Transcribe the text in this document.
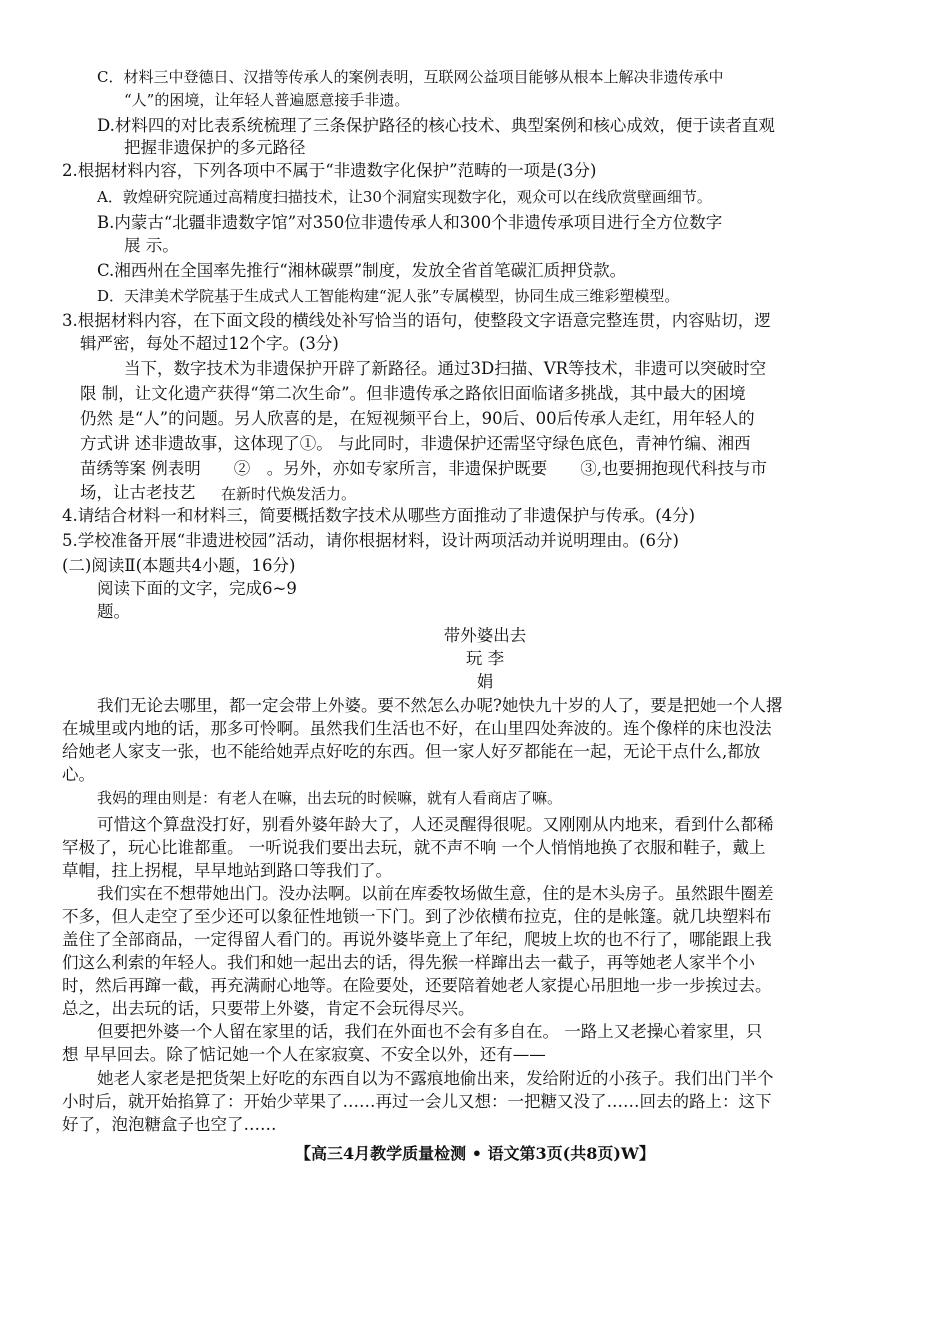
【高三4月教学质量检测 • 语文第3页(共8页)W】
C．材料三中登德日、汉措等传承人的案例表明，互联网公益项目能够从根本上解决非遗传承中
“人”的困境，让年轻人普遍愿意接手非遗。
D.材料四的对比表系统梳理了三条保护路径的核心技术、典型案例和核心成效，便于读者直观
把握非遗保护的多元路径
2.根据材料内容，下列各项中不属于“非遗数字化保护”范畴的一项是(3分)
A．敦煌研究院通过高精度扫描技术，让30个洞窟实现数字化，观众可以在线欣赏壁画细节。
B.内蒙古“北疆非遗数字馆”对350位非遗传承人和300个非遗传承项目进行全方位数字
展 示。
C.湘西州在全国率先推行“湘林碳票”制度，发放全省首笔碳汇质押贷款。
D．天津美术学院基于生成式人工智能构建“泥人张”专属模型，协同生成三维彩塑模型。
3.根据材料内容，在下面文段的横线处补写恰当的语句，使整段文字语意完整连贯，内容贴切，逻
辑严密，每处不超过12个字。(3分)
当下，数字技术为非遗保护开辟了新路径。通过3D扫描、VR等技术，非遗可以突破时空
限 制，让文化遗产获得“第二次生命”。但非遗传承之路依旧面临诸多挑战，其中最大的困境
仍然 是“人”的问题。另人欣喜的是，在短视频平台上，90后、00后传承人走红，用年轻人的
方式讲 述非遗故事，这体现了①。 与此同时，非遗保护还需坚守绿色底色，青神竹编、湘西
苗绣等案 例表明　　②　。另外，亦如专家所言，非遗保护既要　　③,也要拥抱现代科技与市
场，让古老技艺 在新时代焕发活力。
4.请结合材料一和材料三，简要概括数字技术从哪些方面推动了非遗保护与传承。(4分)
5.学校准备开展“非遗进校园”活动，请你根据材料，设计两项活动并说明理由。(6分)
(二)阅读Ⅱ(本题共4小题，16分)
阅读下面的文字，完成6~9
题。
带外婆出去
玩 李
娟
我们无论去哪里，都一定会带上外婆。要不然怎么办呢?她快九十岁的人了，要是把她一个人撂
在城里或内地的话，那多可怜啊。虽然我们生活也不好，在山里四处奔波的。连个像样的床也没法
给她老人家支一张，也不能给她弄点好吃的东西。但一家人好歹都能在一起，无论干点什么,都放
心。
我妈的理由则是：有老人在嘛，出去玩的时候嘛，就有人看商店了嘛。
可惜这个算盘没打好，别看外婆年龄大了，人还灵醒得很呢。又刚刚从内地来，看到什么都稀
罕极了，玩心比谁都重。 一听说我们要出去玩，就不声不响 一个人悄悄地换了衣服和鞋子，戴上
草帽，拄上拐棍，早早地站到路口等我们了。
我们实在不想带她出门。没办法啊。以前在库委牧场做生意，住的是木头房子。虽然跟牛圈差
不多，但人走空了至少还可以象征性地锁一下门。到了沙依横布拉克，住的是帐篷。就几块塑料布
盖住了全部商品，一定得留人看门的。再说外婆毕竟上了年纪，爬坡上坎的也不行了，哪能跟上我
们这么利索的年轻人。我们和她一起出去的话，得先猴一样蹿出去一截子，再等她老人家半个小
时，然后再蹿一截，再充满耐心地等。在险要处，还要陪着她老人家提心吊胆地一步一步挨过去。
总之，出去玩的话，只要带上外婆，肯定不会玩得尽兴。
但要把外婆一个人留在家里的话，我们在外面也不会有多自在。 一路上又老操心着家里，只
想 早早回去。除了惦记她一个人在家寂寞、不安全以外，还有——
她老人家老是把货架上好吃的东西自以为不露痕地偷出来，发给附近的小孩子。我们出门半个
小时后，就开始掐算了：开始少苹果了……再过一会儿又想：一把糖又没了……回去的路上：这下
好了，泡泡糖盒子也空了……
